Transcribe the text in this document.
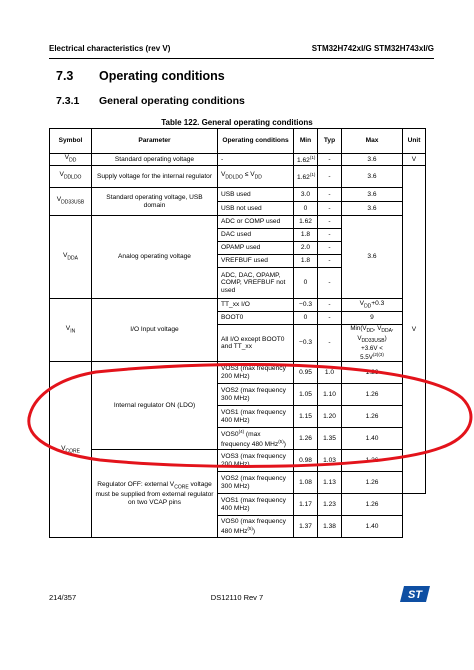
Electrical characteristics (rev V)	STM32H742xI/G STM32H743xI/G
7.3 Operating conditions
7.3.1 General operating conditions
Table 122. General operating conditions
Symbol	Parameter	Operating conditions	Min	Typ	Max	Unit
$V_{DD}$	Standard operating voltage	-	1.62$^{(1)}$	-	3.6	V
$V_{DDLDO}$	Supply voltage for the internal regulator	$V_{DDLDO} \le V_{DD}$	1.62$^{(1)}$	-	3.6	V
$V_{DD33USB}$	Standard operating voltage, USB domain	USB used	3.0	-	3.6	
		USB not used	0	-	3.6	
$V_{DDA}$	Analog operating voltage	ADC or COMP used	1.62	-	3.6	
		DAC used	1.8	-		
		OPAMP used	2.0	-		
		VREFBUF used	1.8	-		
		ADC, DAC, OPAMP, COMP, VREFBUF not used	0	-		
$V_{IN}$	I/O Input voltage	TT_xx I/O	−0.3	-	$V_{DD}+0.3$	
		BOOT0	0	-	9	
		All I/O except BOOT0 and TT_xx	−0.3	-	$Min(V_{DD}$, $V_{DDA}$, $V_{DD33USB}$)
+3.6V <
$5.5V^{(2)(3)}$
$V_{CORE}$	Internal regulator ON (LDO)	VOS3 (max frequency 200 MHz)	0.95	1.0	1.26	
		VOS2 (max frequency 300 MHz)	1.05	1.10	1.26	
		VOS1 (max frequency 400 MHz)	1.15	1.20	1.26	
		VOS0$^{(4)}$ (max frequency 480 MHz$^{(5)}$)	1.26	1.35	1.40	
	Regulator OFF: external $V_{CORE}$ voltage must be supplied from external regulator on two VCAP pins	VOS3 (max frequency 200 MHz)	0.98	1.03	1.26	
		VOS2 (max frequency 300 MHz)	1.08	1.13	1.26	
		VOS1 (max frequency 400 MHz)	1.17	1.23	1.26	
		VOS0 (max frequency 480 MHz$^{(5)}$)	1.37	1.38	1.40	
214/357	DS12110 Rev 7	ST
